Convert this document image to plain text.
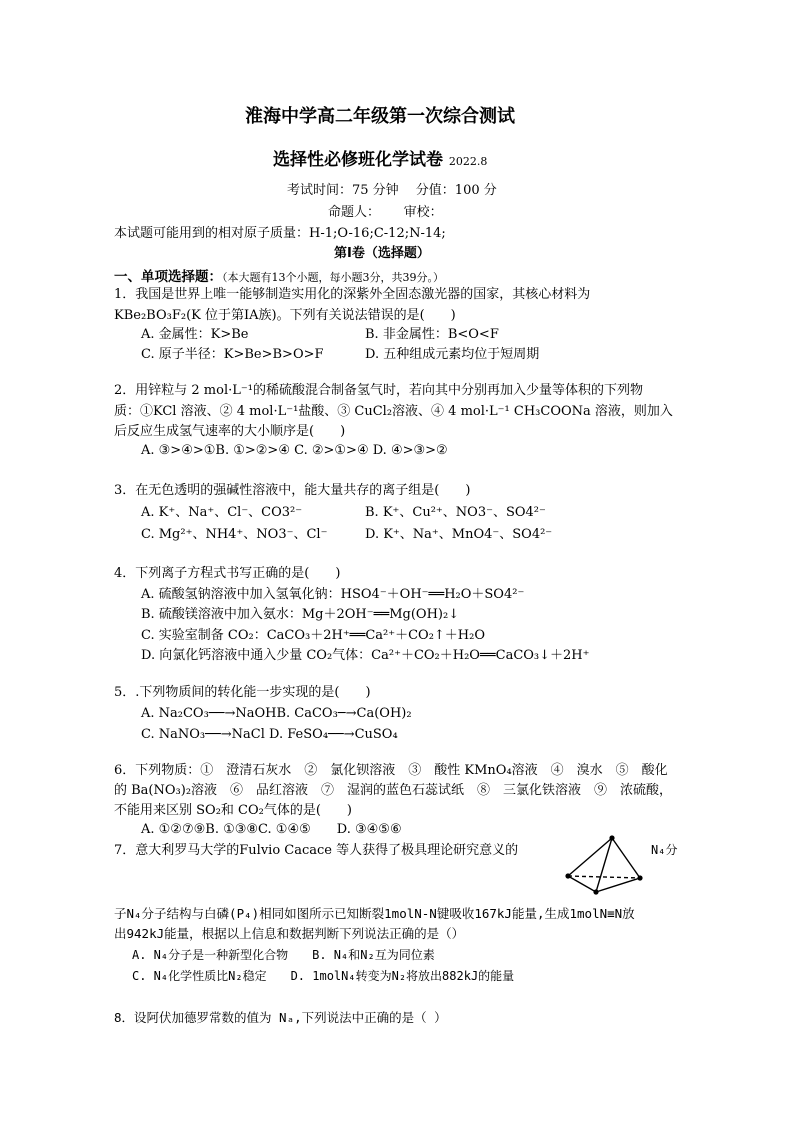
淮海中学高二年级第一次综合测试
选择性必修班化学试卷 2022.8
考试时间：75 分钟　 分值：100 分
命题人：　　 审校：
本试题可能用到的相对原子质量：H-1;O-16;C-12;N-14;
第Ⅰ卷（选择题）
一、单项选择题：（本大题有13个小题，每小题3分，共39分。）
1．我国是世界上唯一能够制造实用化的深紫外全固态激光器的国家，其核心材料为
KBe₂BO₃F₂(K 位于第ⅠA族)。下列有关说法错误的是(　　)
A. 金属性：K>Be	B. 非金属性：B<O<F
C. 原子半径：K>Be>B>O>F	D. 五种组成元素均位于短周期
2．用锌粒与 2 mol·L⁻¹的稀硫酸混合制备氢气时，若向其中分别再加入少量等体积的下列物
质：①KCl 溶液、② 4 mol·L⁻¹盐酸、③ CuCl₂溶液、④ 4 mol·L⁻¹ CH₃COONa 溶液，则加入
后反应生成氢气速率的大小顺序是(　　)
A. ③>④>①B. ①>②>④ C. ②>①>④ D. ④>③>②
3．在无色透明的强碱性溶液中，能大量共存的离子组是(　　)
A. K⁺、Na⁺、Cl⁻、CO3²⁻	B. K⁺、Cu²⁺、NO3⁻、SO4²⁻
C. Mg²⁺、NH4⁺、NO3⁻、Cl⁻	D. K⁺、Na⁺、MnO4⁻、SO4²⁻
4．下列离子方程式书写正确的是(　　)
A. 硫酸氢钠溶液中加入氢氧化钠：HSO4⁻＋OH⁻══H₂O＋SO4²⁻
B. 硫酸镁溶液中加入氨水：Mg＋2OH⁻══Mg(OH)₂↓
C. 实验室制备 CO₂：CaCO₃＋2H⁺══Ca²⁺＋CO₂↑＋H₂O
D. 向氯化钙溶液中通入少量 CO₂气体：Ca²⁺＋CO₂＋H₂O══CaCO₃↓＋2H⁺
5．.下列物质间的转化能一步实现的是(　　)
A. Na₂CO₃──→NaOHB. CaCO₃─→Ca(OH)₂
C. NaNO₃──→NaCl D. FeSO₄──→CuSO₄
6．下列物质：①　澄清石灰水　②　氯化钡溶液　③　酸性 KMnO₄溶液　④　溴水　⑤　酸化
的 Ba(NO₃)₂溶液　⑥　品红溶液　⑦　湿润的蓝色石蕊试纸　⑧　三氯化铁溶液　⑨　浓硫酸，
不能用来区别 SO₂和 CO₂气体的是(　　)
A. ①②⑦⑨B. ①③⑧C. ①④⑤　　D. ③④⑤⑥
7．意大利罗马大学的Fulvio Cacace 等人获得了极具理论研究意义的	N₄分
子N₄分子结构与白磷(P₄)相同如图所示已知断裂1molN-N键吸收167kJ能量,生成1molN≡N放
出942kJ能量，根据以上信息和数据判断下列说法正确的是（）
A. N₄分子是一种新型化合物　　B. N₄和N₂互为同位素
C. N₄化学性质比N₂稳定　　D. 1molN₄转变为N₂将放出882kJ的能量
8．设阿伏加德罗常数的值为 Nₐ,下列说法中正确的是（ ）
